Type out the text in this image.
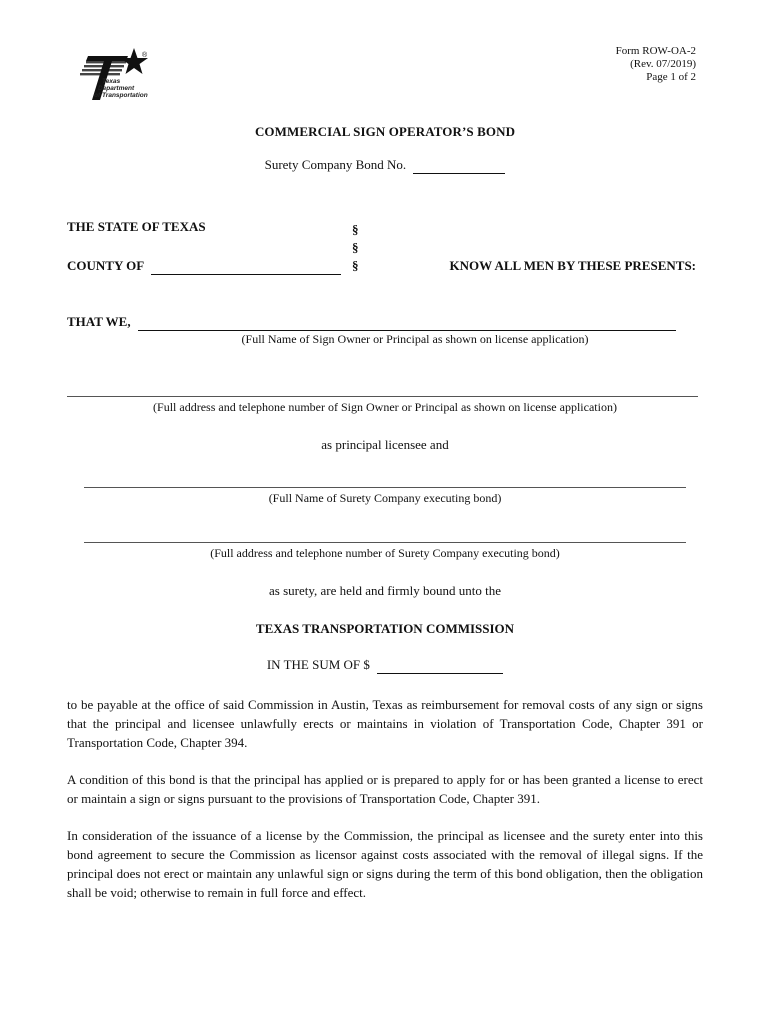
®
Texas
Department
of Transportation
Form ROW-OA-2
(Rev. 07/2019)
Page 1 of 2
COMMERCIAL SIGN OPERATOR’S BOND
Surety Company Bond No.
THE STATE OF TEXAS	§
§
§
COUNTY OF	KNOW ALL MEN BY THESE PRESENTS:
THAT WE,
(Full Name of Sign Owner or Principal as shown on license application)
(Full address and telephone number of Sign Owner or Principal as shown on license application)
as principal licensee and
(Full Name of Surety Company executing bond)
(Full address and telephone number of Surety Company executing bond)
as surety, are held and firmly bound unto the
TEXAS TRANSPORTATION COMMISSION
IN THE SUM OF $
to be payable at the office of said Commission in Austin, Texas as reimbursement for removal costs of any sign or signs that the principal and licensee unlawfully erects or maintains in violation of Transportation Code, Chapter 391 or Transportation Code, Chapter 394.
A condition of this bond is that the principal has applied or is prepared to apply for or has been granted a license to erect or maintain a sign or signs pursuant to the provisions of Transportation Code, Chapter 391.
In consideration of the issuance of a license by the Commission, the principal as licensee and the surety enter into this bond agreement to secure the Commission as licensor against costs associated with the removal of illegal signs. If the principal does not erect or maintain any unlawful sign or signs during the term of this bond obligation, then the obligation shall be void; otherwise to remain in full force and effect.
